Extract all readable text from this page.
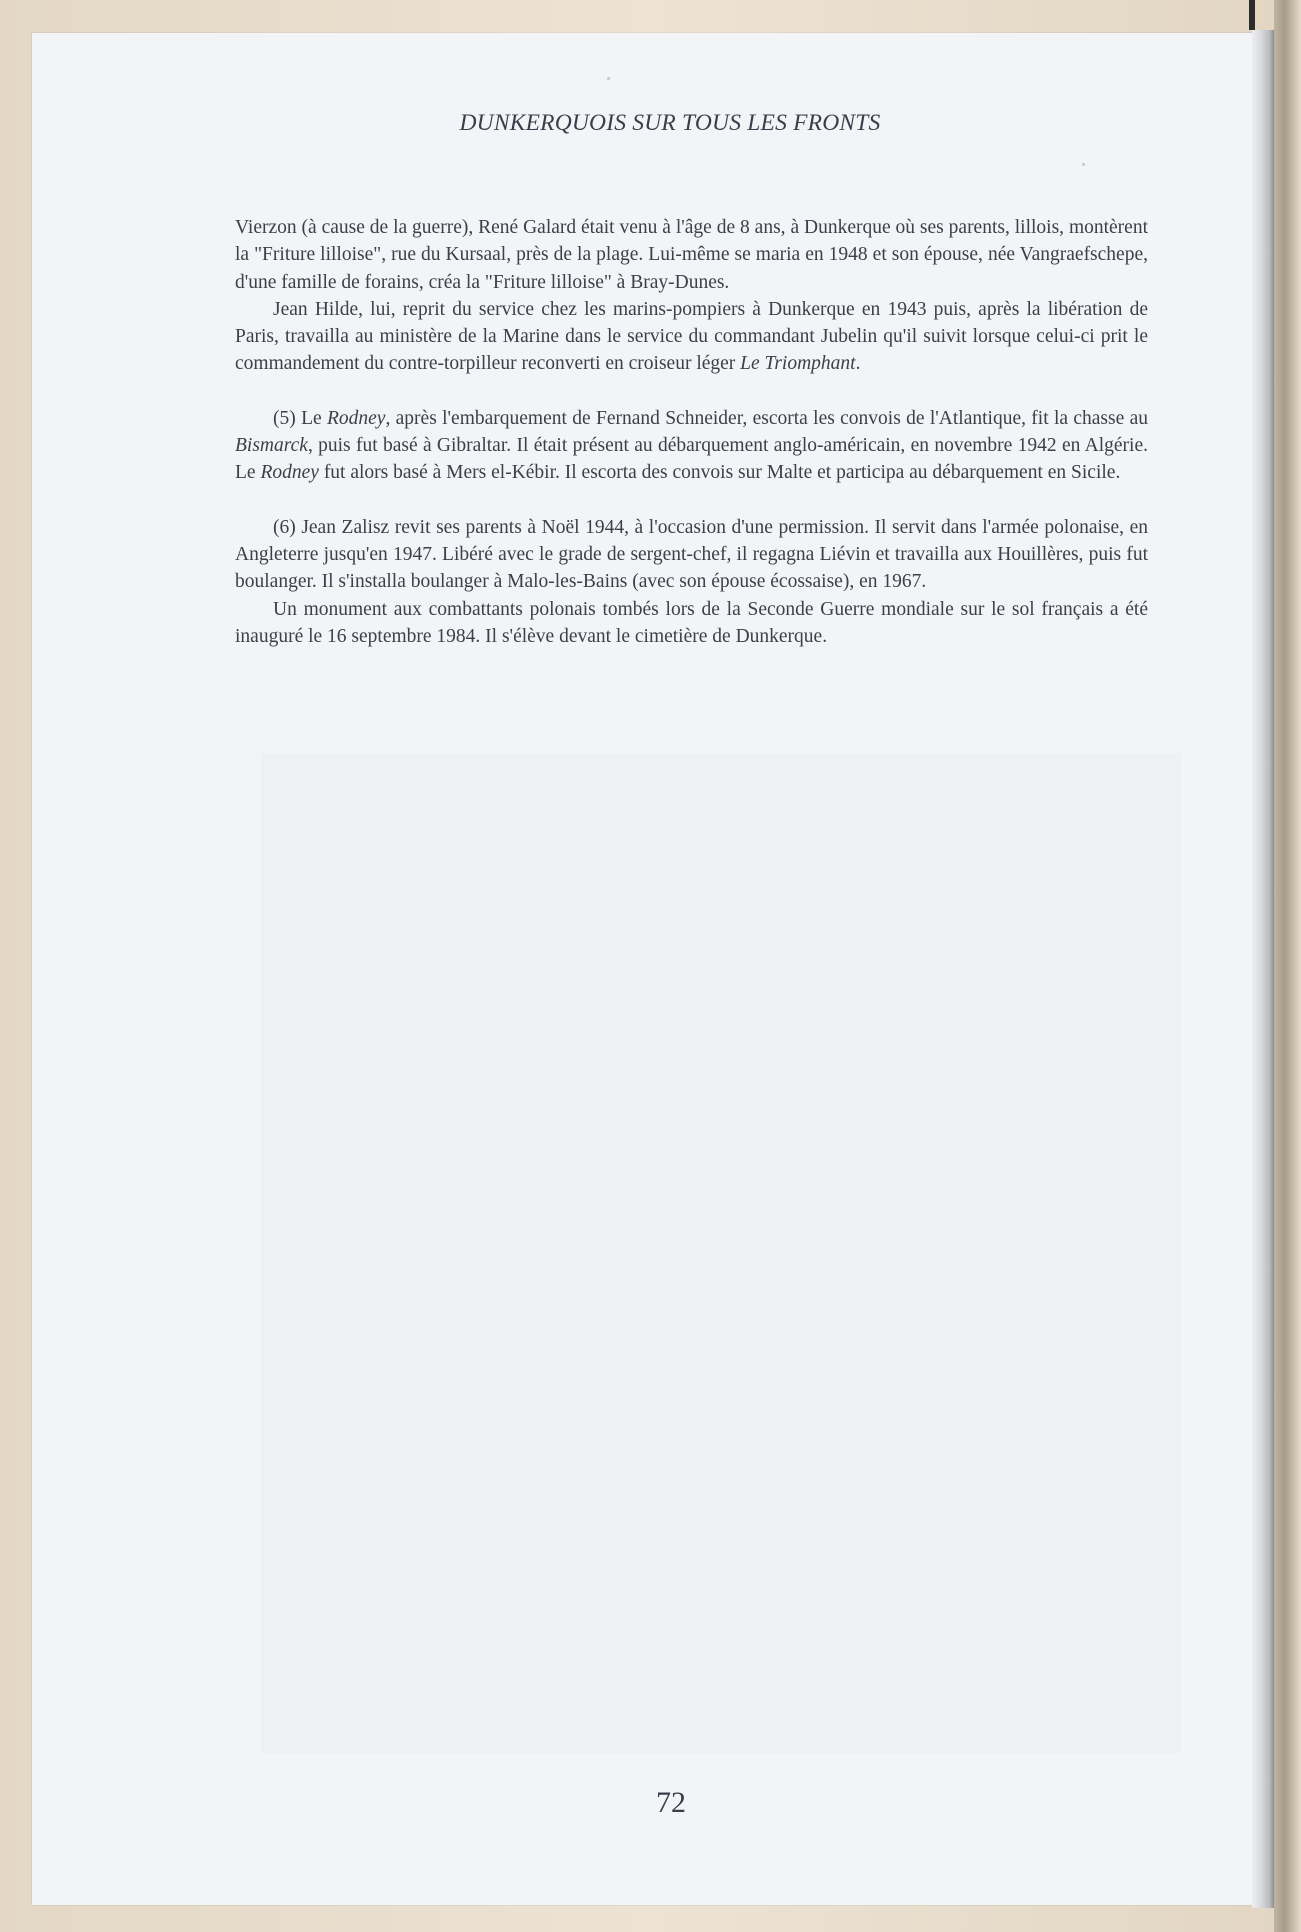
DUNKERQUOIS SUR TOUS LES FRONTS

Vierzon (à cause de la guerre), René Galard était venu à l'âge de 8 ans, à Dunkerque où ses parents, lillois, montèrent la "Friture lilloise", rue du Kursaal, près de la plage. Lui-même se maria en 1948 et son épouse, née Vangraefschepe, d'une famille de forains, créa la "Friture lilloise" à Bray-Dunes.

Jean Hilde, lui, reprit du service chez les marins-pompiers à Dunkerque en 1943 puis, après la libération de Paris, travailla au ministère de la Marine dans le service du commandant Jubelin qu'il suivit lorsque celui-ci prit le commandement du contre-torpilleur reconverti en croiseur léger Le Triomphant.

(5) Le Rodney, après l'embarquement de Fernand Schneider, escorta les convois de l'Atlantique, fit la chasse au Bismarck, puis fut basé à Gibraltar. Il était présent au débarquement anglo-américain, en novembre 1942 en Algérie. Le Rodney fut alors basé à Mers el-Kébir. Il escorta des convois sur Malte et participa au débarquement en Sicile.

(6) Jean Zalisz revit ses parents à Noël 1944, à l'occasion d'une permission. Il servit dans l'armée polonaise, en Angleterre jusqu'en 1947. Libéré avec le grade de sergent-chef, il regagna Liévin et travailla aux Houillères, puis fut boulanger. Il s'installa boulanger à Malo-les-Bains (avec son épouse écossaise), en 1967.

Un monument aux combattants polonais tombés lors de la Seconde Guerre mondiale sur le sol français a été inauguré le 16 septembre 1984. Il s'élève devant le cimetière de Dunkerque.

72
